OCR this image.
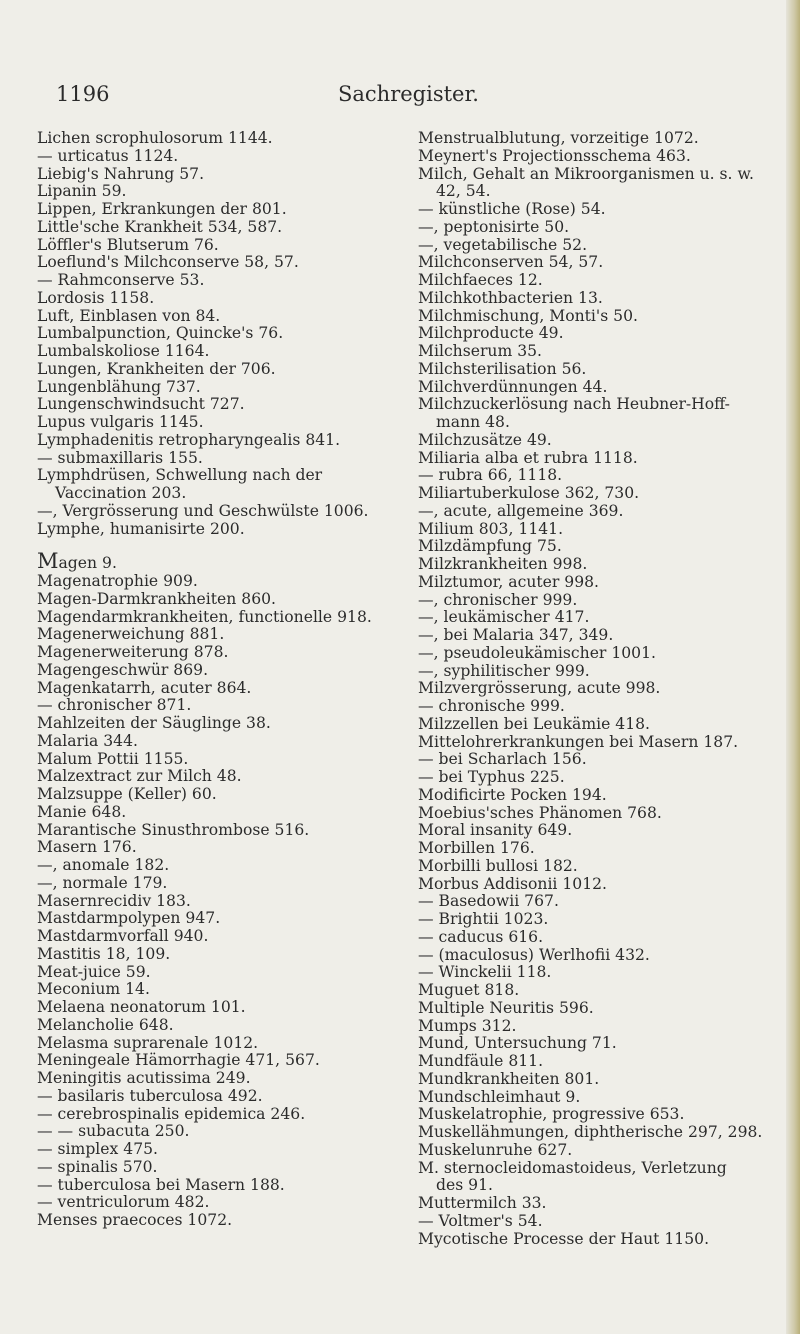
1196	Sachregister.
Lichen scrophulosorum 1144.
— urticatus 1124.
Liebig's Nahrung 57.
Lipanin 59.
Lippen, Erkrankungen der 801.
Little'sche Krankheit 534, 587.
Löffler's Blutserum 76.
Loeflund's Milchconserve 58, 57.
— Rahmconserve 53.
Lordosis 1158.
Luft, Einblasen von 84.
Lumbalpunction, Quincke's 76.
Lumbalskoliose 1164.
Lungen, Krankheiten der 706.
Lungenblähung 737.
Lungenschwindsucht 727.
Lupus vulgaris 1145.
Lymphadenitis retropharyngealis 841.
— submaxillaris 155.
Lymphdrüsen, Schwellung nach der
Vaccination 203.
—, Vergrösserung und Geschwülste 1006.
Lymphe, humanisirte 200.
Magen 9.
Magenatrophie 909.
Magen-Darmkrankheiten 860.
Magendarmkrankheiten, functionelle 918.
Magenerweichung 881.
Magenerweiterung 878.
Magengeschwür 869.
Magenkatarrh, acuter 864.
— chronischer 871.
Mahlzeiten der Säuglinge 38.
Malaria 344.
Malum Pottii 1155.
Malzextract zur Milch 48.
Malzsuppe (Keller) 60.
Manie 648.
Marantische Sinusthrombose 516.
Masern 176.
—, anomale 182.
—, normale 179.
Masernrecidiv 183.
Mastdarmpolypen 947.
Mastdarmvorfall 940.
Mastitis 18, 109.
Meat-juice 59.
Meconium 14.
Melaena neonatorum 101.
Melancholie 648.
Melasma suprarenale 1012.
Meningeale Hämorrhagie 471, 567.
Meningitis acutissima 249.
— basilaris tuberculosa 492.
— cerebrospinalis epidemica 246.
— — subacuta 250.
— simplex 475.
— spinalis 570.
— tuberculosa bei Masern 188.
— ventriculorum 482.
Menses praecoces 1072.
Menstrualblutung, vorzeitige 1072.
Meynert's Projectionsschema 463.
Milch, Gehalt an Mikroorganismen u. s. w.
42, 54.
— künstliche (Rose) 54.
—, peptonisirte 50.
—, vegetabilische 52.
Milchconserven 54, 57.
Milchfaeces 12.
Milchkothbacterien 13.
Milchmischung, Monti's 50.
Milchproducte 49.
Milchserum 35.
Milchsterilisation 56.
Milchverdünnungen 44.
Milchzuckerlösung nach Heubner-Hoff-
mann 48.
Milchzusätze 49.
Miliaria alba et rubra 1118.
— rubra 66, 1118.
Miliartuberkulose 362, 730.
—, acute, allgemeine 369.
Milium 803, 1141.
Milzdämpfung 75.
Milzkrankheiten 998.
Milztumor, acuter 998.
—, chronischer 999.
—, leukämischer 417.
—, bei Malaria 347, 349.
—, pseudoleukämischer 1001.
—, syphilitischer 999.
Milzvergrösserung, acute 998.
— chronische 999.
Milzzellen bei Leukämie 418.
Mittelohrerkrankungen bei Masern 187.
— bei Scharlach 156.
— bei Typhus 225.
Modificirte Pocken 194.
Moebius'sches Phänomen 768.
Moral insanity 649.
Morbillen 176.
Morbilli bullosi 182.
Morbus Addisonii 1012.
— Basedowii 767.
— Brightii 1023.
— caducus 616.
— (maculosus) Werlhofii 432.
— Winckelii 118.
Muguet 818.
Multiple Neuritis 596.
Mumps 312.
Mund, Untersuchung 71.
Mundfäule 811.
Mundkrankheiten 801.
Mundschleimhaut 9.
Muskelatrophie, progressive 653.
Muskellähmungen, diphtherische 297, 298.
Muskelunruhe 627.
M. sternocleidomastoideus, Verletzung
des 91.
Muttermilch 33.
— Voltmer's 54.
Mycotische Processe der Haut 1150.
